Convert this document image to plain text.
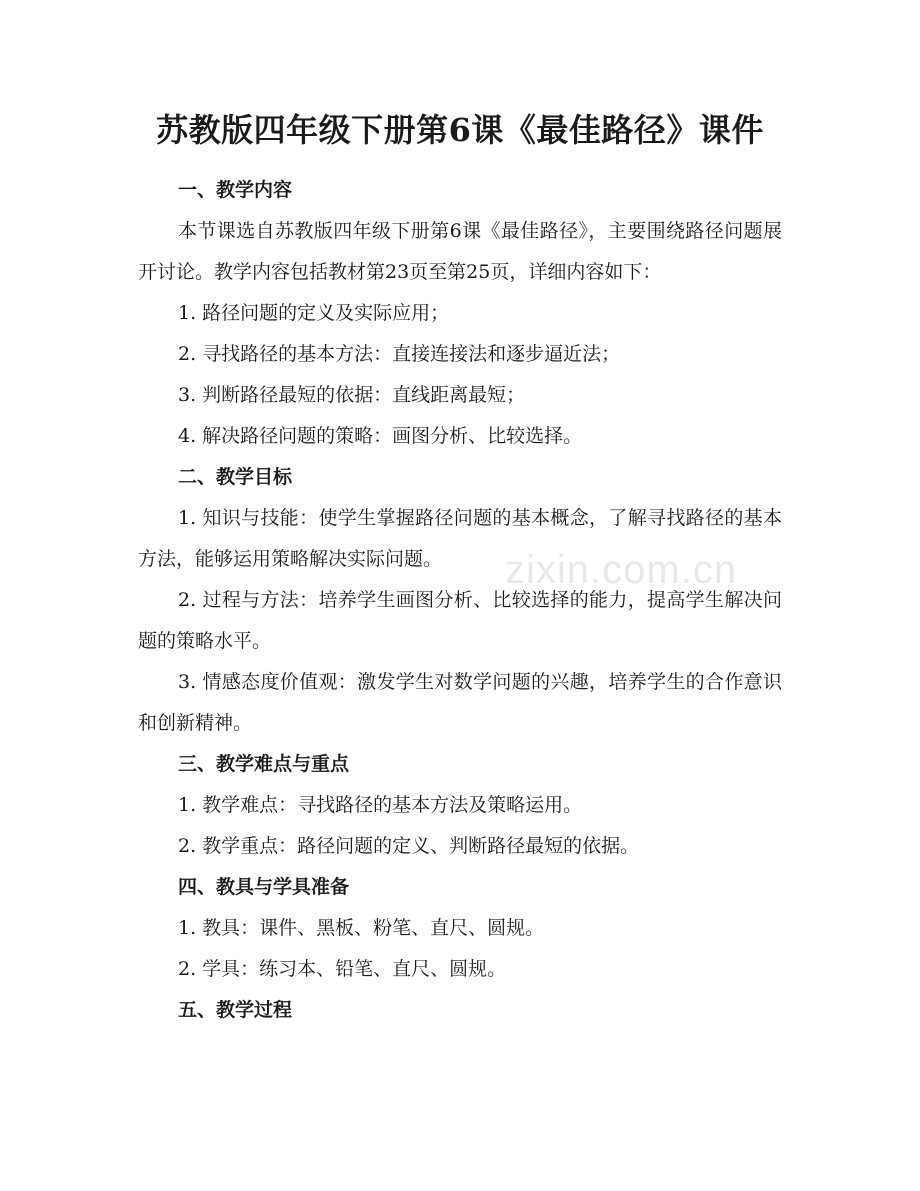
苏教版四年级下册第6课《最佳路径》课件

一、教学内容

本节课选自苏教版四年级下册第6课《最佳路径》，主要围绕路径问题展开讨论。教学内容包括教材第23页至第25页，详细内容如下：

1. 路径问题的定义及实际应用；

2. 寻找路径的基本方法：直接连接法和逐步逼近法；

3. 判断路径最短的依据：直线距离最短；

4. 解决路径问题的策略：画图分析、比较选择。

二、教学目标

1. 知识与技能：使学生掌握路径问题的基本概念，了解寻找路径的基本方法，能够运用策略解决实际问题。

2. 过程与方法：培养学生画图分析、比较选择的能力，提高学生解决问题的策略水平。

3. 情感态度价值观：激发学生对数学问题的兴趣，培养学生的合作意识和创新精神。

三、教学难点与重点

1. 教学难点：寻找路径的基本方法及策略运用。

2. 教学重点：路径问题的定义、判断路径最短的依据。

四、教具与学具准备

1. 教具：课件、黑板、粉笔、直尺、圆规。

2. 学具：练习本、铅笔、直尺、圆规。

五、教学过程

zixin.com.cn
